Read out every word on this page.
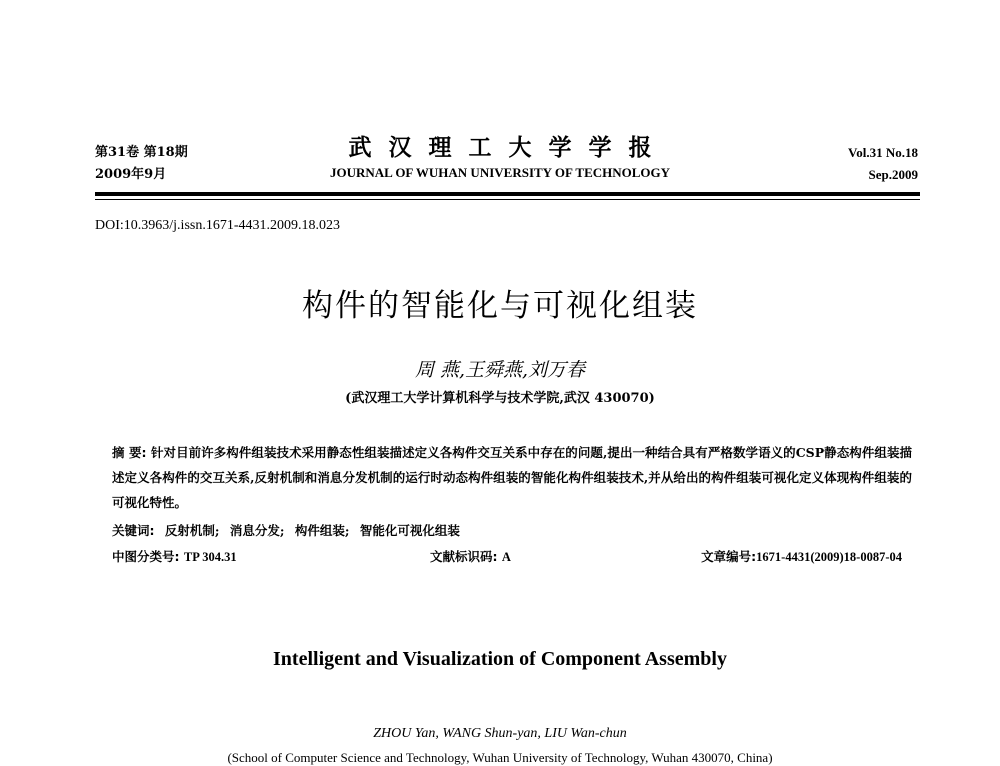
第31卷 第18期
2009年9月
武汉理工大学学报
JOURNAL OF WUHAN UNIVERSITY OF TECHNOLOGY
Vol.31 No.18
Sep.2009
DOI:10.3963/j.issn.1671-4431.2009.18.023
构件的智能化与可视化组装
周 燕,王舜燕,刘万春
(武汉理工大学计算机科学与技术学院,武汉 430070)
摘 要: 针对目前许多构件组装技术采用静态性组装描述定义各构件交互关系中存在的问题,提出一种结合具有严格数学语义的CSP静态构件组装描述定义各构件的交互关系,反射机制和消息分发机制的运行时动态构件组装的智能化构件组装技术,并从给出的构件组装可视化定义体现构件组装的可视化特性。
关键词: 反射机制; 消息分发; 构件组装; 智能化可视化组装
中图分类号: TP 304.31	文献标识码: A	文章编号:1671-4431(2009)18-0087-04
Intelligent and Visualization of Component Assembly
ZHOU Yan, WANG Shun-yan, LIU Wan-chun
(School of Computer Science and Technology, Wuhan University of Technology, Wuhan 430070, China)
